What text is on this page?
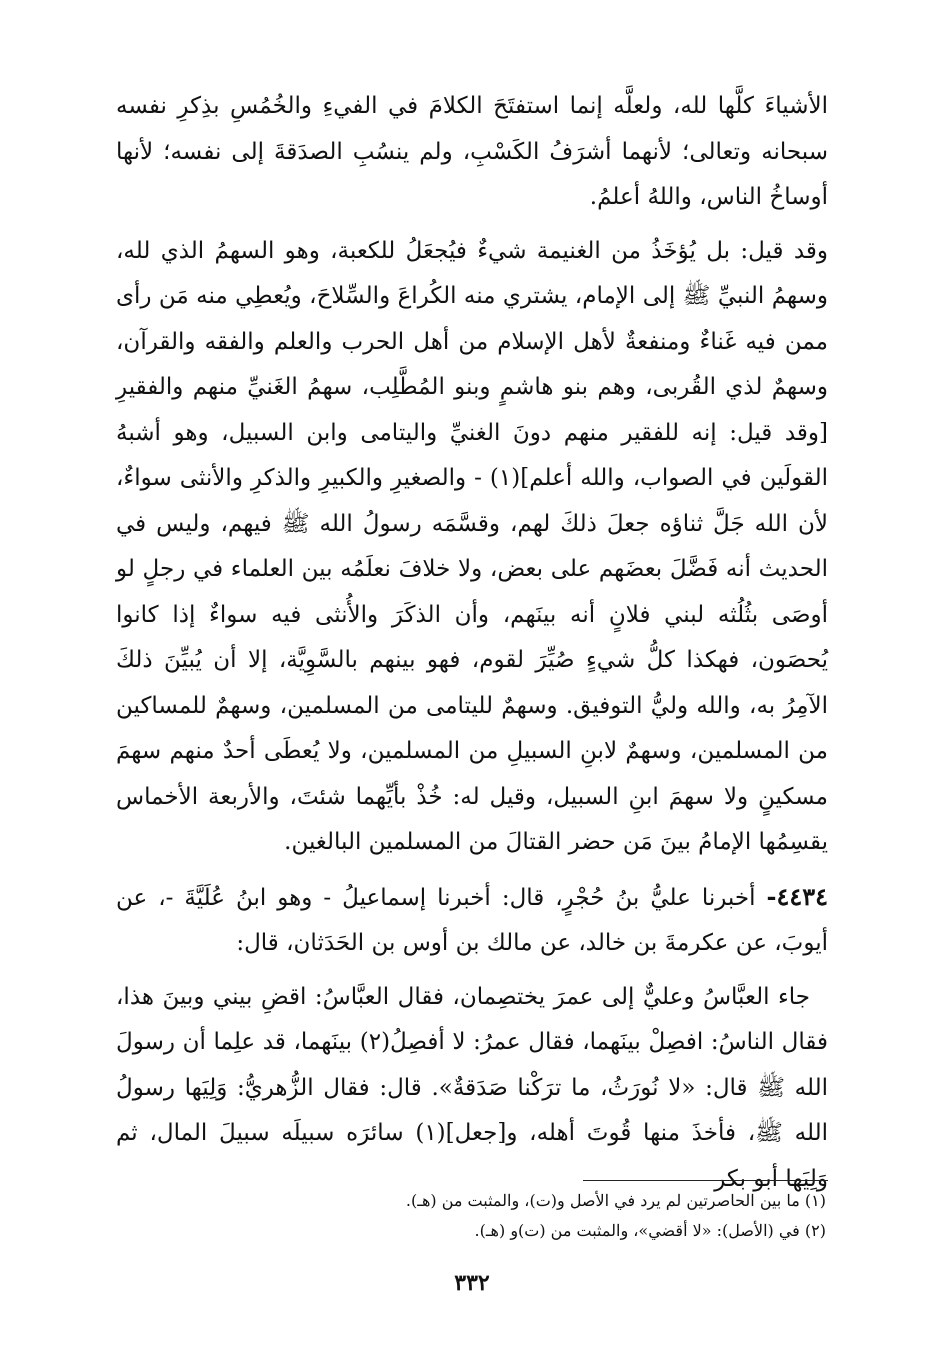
الأشياءَ كلَّها لله، ولعلَّه إنما استفتَحَ الكلامَ في الفيءِ والخُمُسِ بذِكرِ نفسه سبحانه وتعالى؛ لأنهما أشرَفُ الكَسْبِ، ولم ينسُبِ الصدَقةَ إلى نفسه؛ لأنها أوساخُ الناس، واللهُ أعلمُ.

وقد قيل: بل يُؤخَذُ من الغنيمة شيءٌ فيُجعَلُ للكعبة، وهو السهمُ الذي لله، وسهمُ النبيِّ ﷺ إلى الإمام، يشتري منه الكُراعَ والسِّلاحَ، ويُعطِي منه مَن رأى ممن فيه غَناءٌ ومنفعةٌ لأهل الإسلام من أهل الحرب والعلم والفقه والقرآن، وسهمٌ لذي القُربى، وهم بنو هاشمٍ وبنو المُطَّلِب، سهمُ الغَنيِّ منهم والفقيرِ [وقد قيل: إنه للفقير منهم دونَ الغنيِّ واليتامى وابن السبيل، وهو أشبهُ القولَين في الصواب، والله أعلم](١) - والصغيرِ والكبيرِ والذكرِ والأنثى سواءٌ، لأن الله جَلَّ ثناؤه جعلَ ذلكَ لهم، وقسَّمَه رسولُ الله ﷺ فيهم، وليس في الحديث أنه فَضَّلَ بعضَهم على بعض، ولا خلافَ نعلَمُه بين العلماء في رجلٍ لو أوصَى بثُلُثه لبني فلانٍ أنه بينَهم، وأن الذكَرَ والأُنثى فيه سواءٌ إذا كانوا يُحصَون، فهكذا كلُّ شيءٍ صُيِّرَ لقوم، فهو بينهم بالسَّوِيَّة، إلا أن يُبيِّنَ ذلكَ الآمِرُ به، والله وليُّ التوفيق. وسهمٌ لليتامى من المسلمين، وسهمٌ للمساكين من المسلمين، وسهمٌ لابنِ السبيلِ من المسلمين، ولا يُعطَى أحدٌ منهم سهمَ مسكينٍ ولا سهمَ ابنِ السبيل، وقيل له: خُذْ بأيِّهما شئتَ، والأربعة الأخماس يقسِمُها الإمامُ بينَ مَن حضر القتالَ من المسلمين البالغين.

٤٤٣٤- أخبرنا عليُّ بنُ حُجْرٍ، قال: أخبرنا إسماعيلُ - وهو ابنُ عُلَيَّةَ -، عن أيوبَ، عن عكرمةَ بن خالد، عن مالك بن أوس بن الحَدَثان، قال:

جاء العبَّاسُ وعليٌّ إلى عمرَ يختصِمان، فقال العبَّاسُ: اقضِ بيني وبينَ هذا، فقال الناسُ: افصِلْ بينَهما، فقال عمرُ: لا أفصِلُ(٢) بينَهما، قد علِما أن رسولَ الله ﷺ قال: «لا نُورَثُ، ما ترَكْنا صَدَقةٌ». قال: فقال الزُّهريُّ: وَلِيَها رسولُ الله ﷺ، فأخذَ منها قُوتَ أهله، و[جعل](١) سائرَه سبيلَه سبيلَ المال، ثم وَلِيَها أبو بكر

(١) ما بين الحاصرتين لم يرد في الأصل و(ت)، والمثبت من (هـ).

(٢) في (الأصل): «لا أقضي»، والمثبت من (ت)و (هـ).

٣٣٢
